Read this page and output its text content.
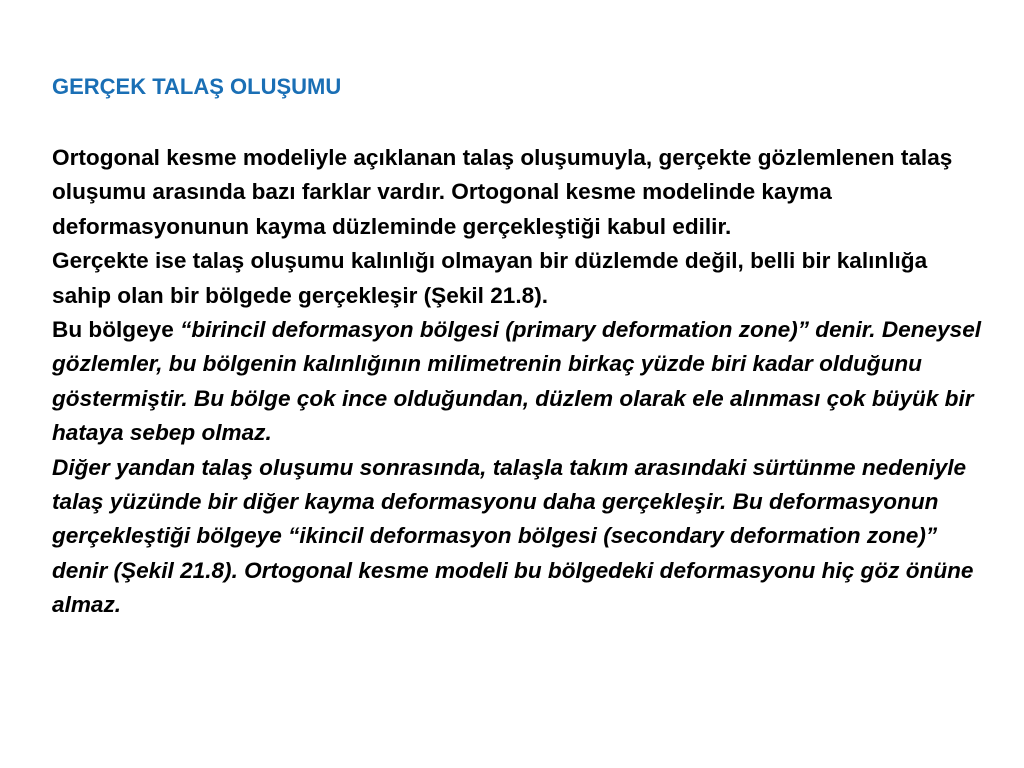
GERÇEK TALAŞ OLUŞUMU

Ortogonal kesme modeliyle açıklanan talaş oluşumuyla, gerçekte gözlemlenen talaş oluşumu arasında bazı farklar vardır. Ortogonal kesme modelinde kayma deformasyonunun kayma düzleminde gerçekleştiği kabul edilir.

Gerçekte ise talaş oluşumu kalınlığı olmayan bir düzlemde değil, belli bir kalınlığa sahip olan bir bölgede gerçekleşir (Şekil 21.8).

Bu bölgeye “birincil deformasyon bölgesi (primary deformation zone)” denir. Deneysel gözlemler, bu bölgenin kalınlığının milimetrenin birkaç yüzde biri kadar olduğunu göstermiştir. Bu bölge çok ince olduğundan, düzlem olarak ele alınması çok büyük bir hataya sebep olmaz.

Diğer yandan talaş oluşumu sonrasında, talaşla takım arasındaki sürtünme nedeniyle talaş yüzünde bir diğer kayma deformasyonu daha gerçekleşir. Bu deformasyonun gerçekleştiği bölgeye “ikincil deformasyon bölgesi (secondary deformation zone)” denir (Şekil 21.8). Ortogonal kesme modeli bu bölgedeki deformasyonu hiç göz önüne almaz.
